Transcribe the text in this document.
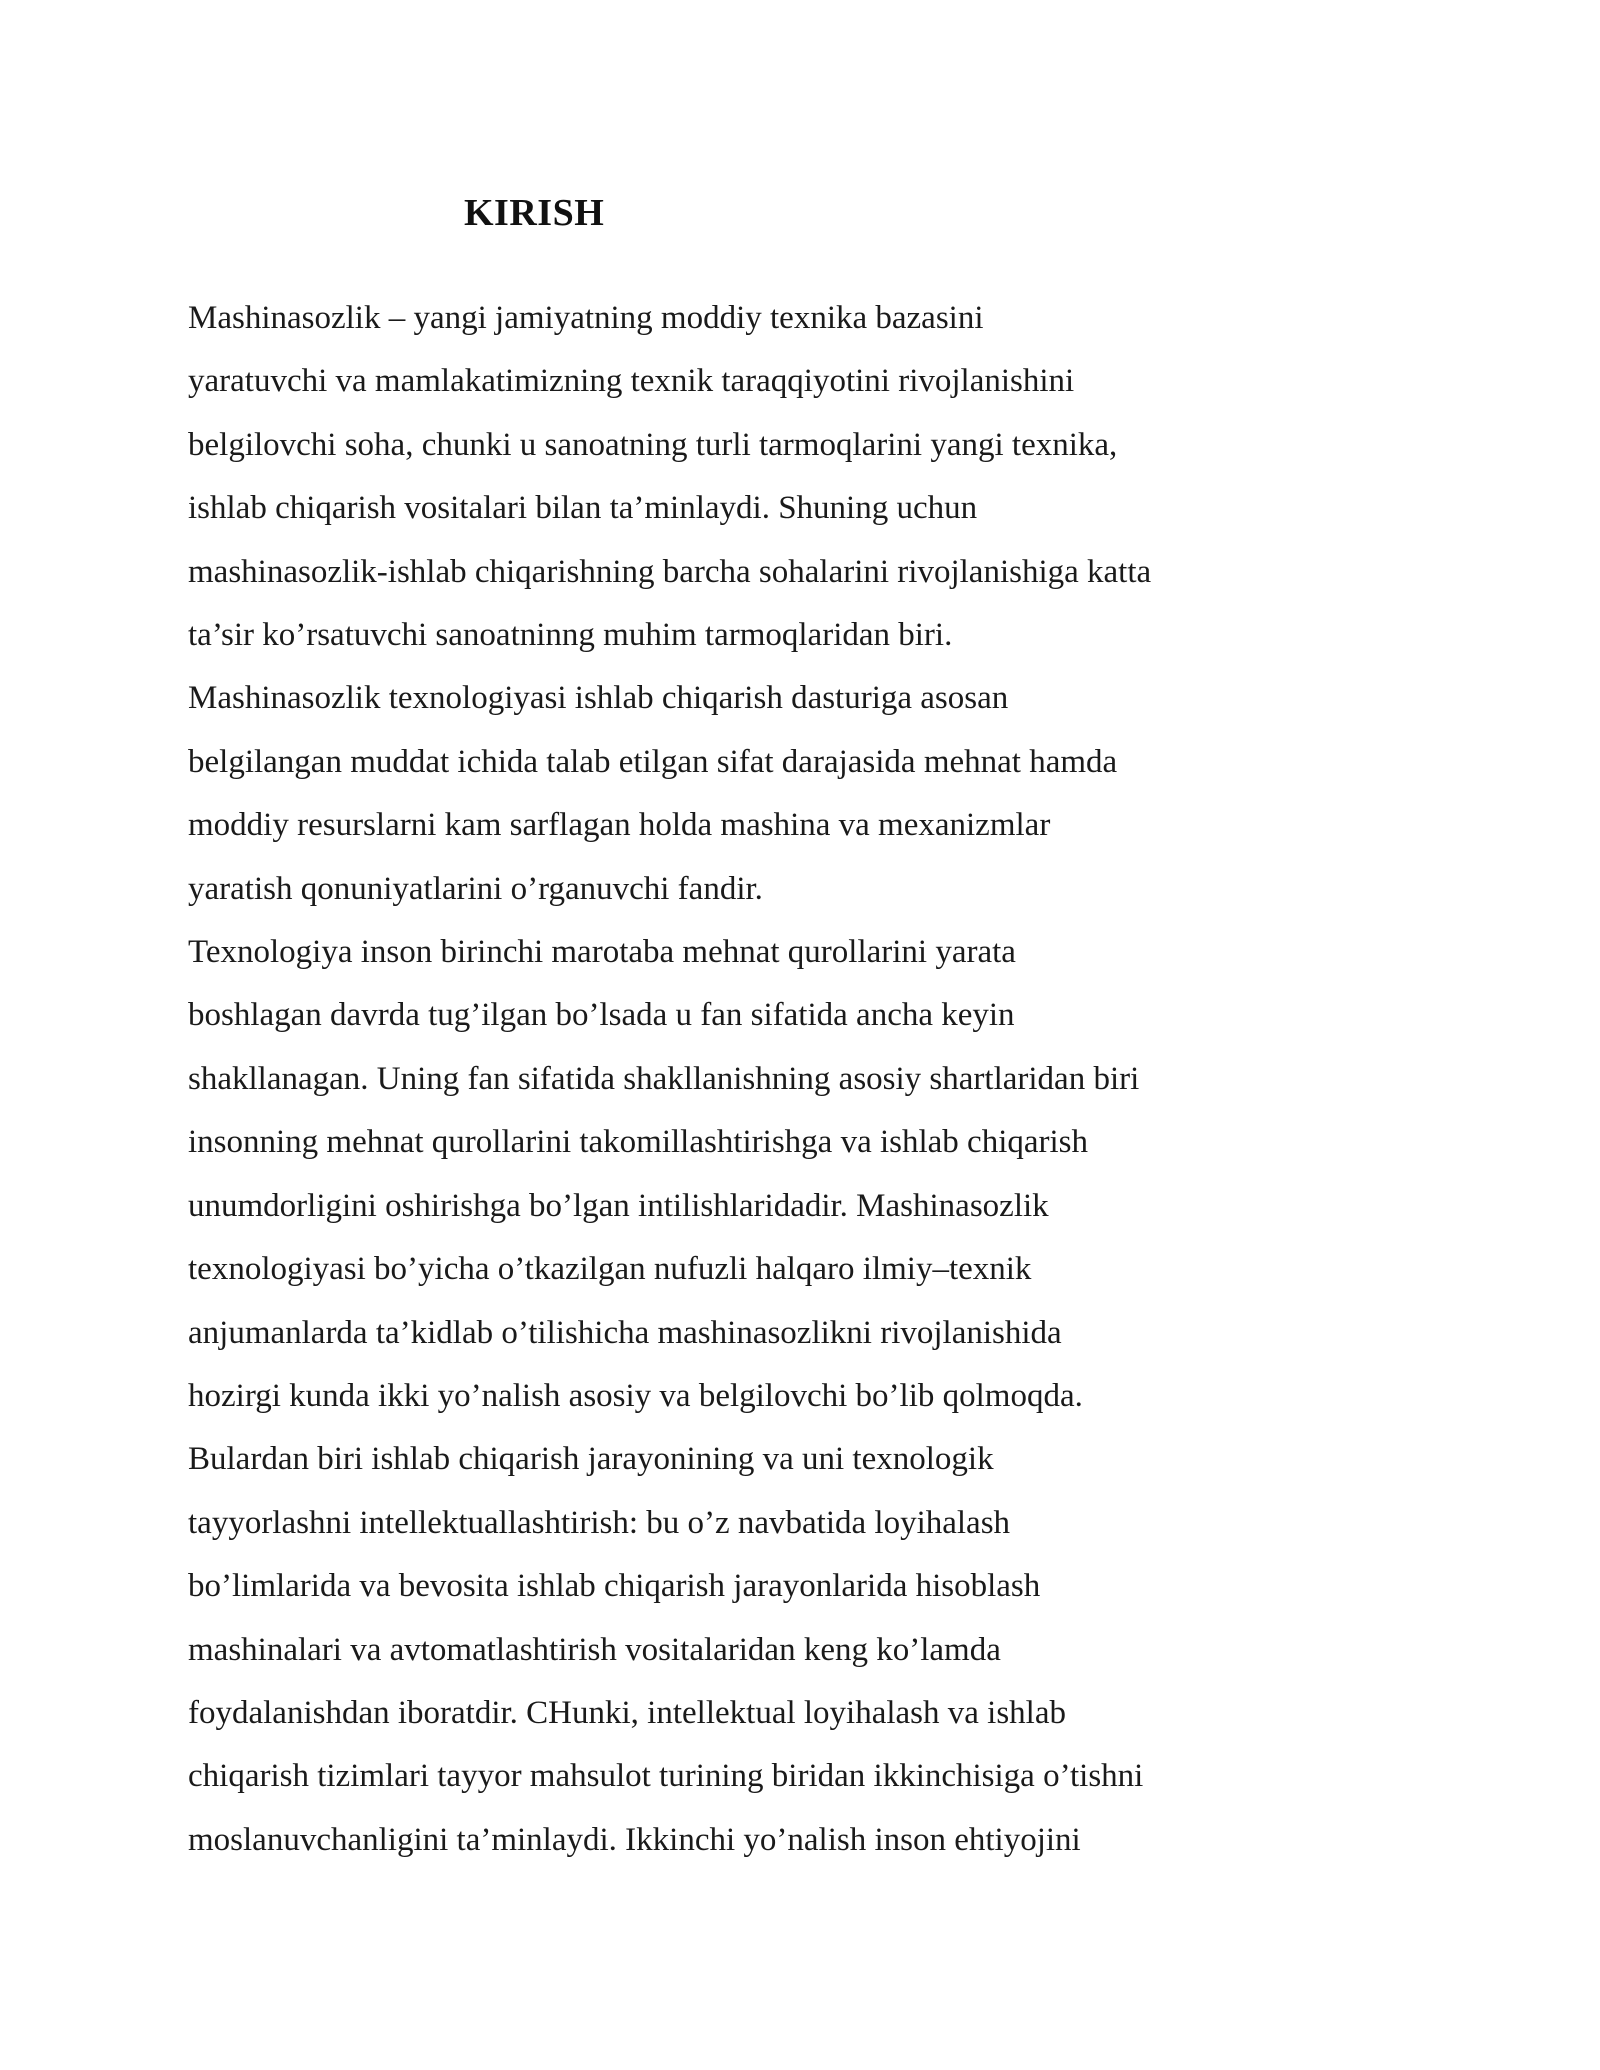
KIRISH
Mashinasozlik – yangi jamiyatning moddiy texnika bazasini
yaratuvchi va mamlakatimizning texnik taraqqiyotini rivojlanishini
belgilovchi soha, chunki u sanoatning turli tarmoqlarini yangi texnika,
ishlab chiqarish vositalari bilan ta’minlaydi. Shuning uchun
mashinasozlik-ishlab chiqarishning barcha sohalarini rivojlanishiga katta
ta’sir ko’rsatuvchi sanoatninng muhim tarmoqlaridan biri.
Mashinasozlik texnologiyasi ishlab chiqarish dasturiga asosan
belgilangan muddat ichida talab etilgan sifat darajasida mehnat hamda
moddiy resurslarni kam sarflagan holda mashina va mexanizmlar
yaratish qonuniyatlarini o’rganuvchi fandir.
Texnologiya inson birinchi marotaba mehnat qurollarini yarata
boshlagan davrda tug’ilgan bo’lsada u fan sifatida ancha keyin
shakllanagan. Uning fan sifatida shakllanishning asosiy shartlaridan biri
insonning mehnat qurollarini takomillashtirishga va ishlab chiqarish
unumdorligini oshirishga bo’lgan intilishlaridadir. Mashinasozlik
texnologiyasi bo’yicha o’tkazilgan nufuzli halqaro ilmiy–texnik
anjumanlarda ta’kidlab o’tilishicha mashinasozlikni rivojlanishida
hozirgi kunda ikki yo’nalish asosiy va belgilovchi bo’lib qolmoqda.
Bulardan biri ishlab chiqarish jarayonining va uni texnologik
tayyorlashni intellektuallashtirish: bu o’z navbatida loyihalash
bo’limlarida va bevosita ishlab chiqarish jarayonlarida hisoblash
mashinalari va avtomatlashtirish vositalaridan keng ko’lamda
foydalanishdan iboratdir. CHunki, intellektual loyihalash va ishlab
chiqarish tizimlari tayyor mahsulot turining biridan ikkinchisiga o’tishni
moslanuvchanligini ta’minlaydi. Ikkinchi yo’nalish inson ehtiyojini
